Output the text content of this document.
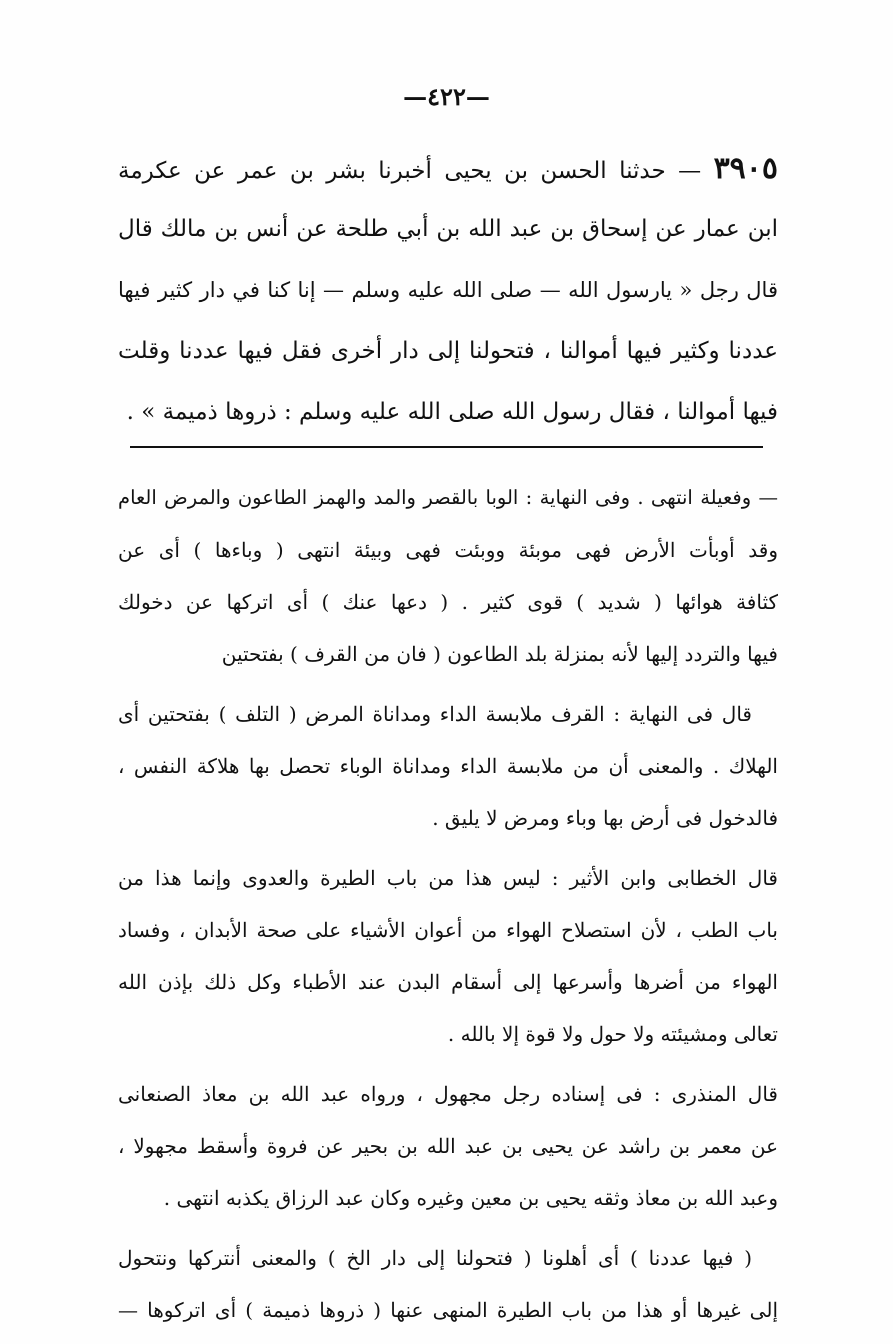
—٤٢٢—
٣٩٠٥ — حدثنا الحسن بن يحيى أخبرنا بشر بن عمر عن عكرمة
ابن عمار عن إسحاق بن عبد الله بن أبي طلحة عن أنس بن مالك قال
قال رجل « يارسول الله — صلى الله عليه وسلم — إنا كنا في دار كثير فيها
عددنا وكثير فيها أموالنا ، فتحولنا إلى دار أخرى فقل فيها عددنا وقلت
فيها أموالنا ، فقال رسول الله صلى الله عليه وسلم : ذروها ذميمة » .
— وفعيلة انتهى . وفى النهاية : الوبا بالقصر والمد والهمز الطاعون والمرض العام
وقد أوبأت الأرض فهى موبئة ووبئت فهى وبيئة انتهى ( وباءها ) أى عن
كثافة هوائها ( شديد ) قوى كثير . ( دعها عنك ) أى اتركها عن دخولك
فيها والتردد إليها لأنه بمنزلة بلد الطاعون ( فان من القرف ) بفتحتين
قال فى النهاية : القرف ملابسة الداء ومداناة المرض ( التلف ) بفتحتين أى
الهلاك . والمعنى أن من ملابسة الداء ومداناة الوباء تحصل بها هلاكة النفس ،
فالدخول فى أرض بها وباء ومرض لا يليق .
قال الخطابى وابن الأثير : ليس هذا من باب الطيرة والعدوى وإنما هذا من
باب الطب ، لأن استصلاح الهواء من أعوان الأشياء على صحة الأبدان ، وفساد
الهواء من أضرها وأسرعها إلى أسقام البدن عند الأطباء وكل ذلك بإذن الله
تعالى ومشيئته ولا حول ولا قوة إلا بالله .
قال المنذرى : فى إسناده رجل مجهول ، ورواه عبد الله بن معاذ الصنعانى
عن معمر بن راشد عن يحيى بن عبد الله بن بحير عن فروة وأسقط مجهولا ،
وعبد الله بن معاذ وثقه يحيى بن معين وغيره وكان عبد الرزاق يكذبه انتهى .
( فيها عددنا ) أى أهلونا ( فتحولنا إلى دار الخ ) والمعنى أنتركها ونتحول
إلى غيرها أو هذا من باب الطيرة المنهى عنها ( ذروها ذميمة ) أى اتركوها —
